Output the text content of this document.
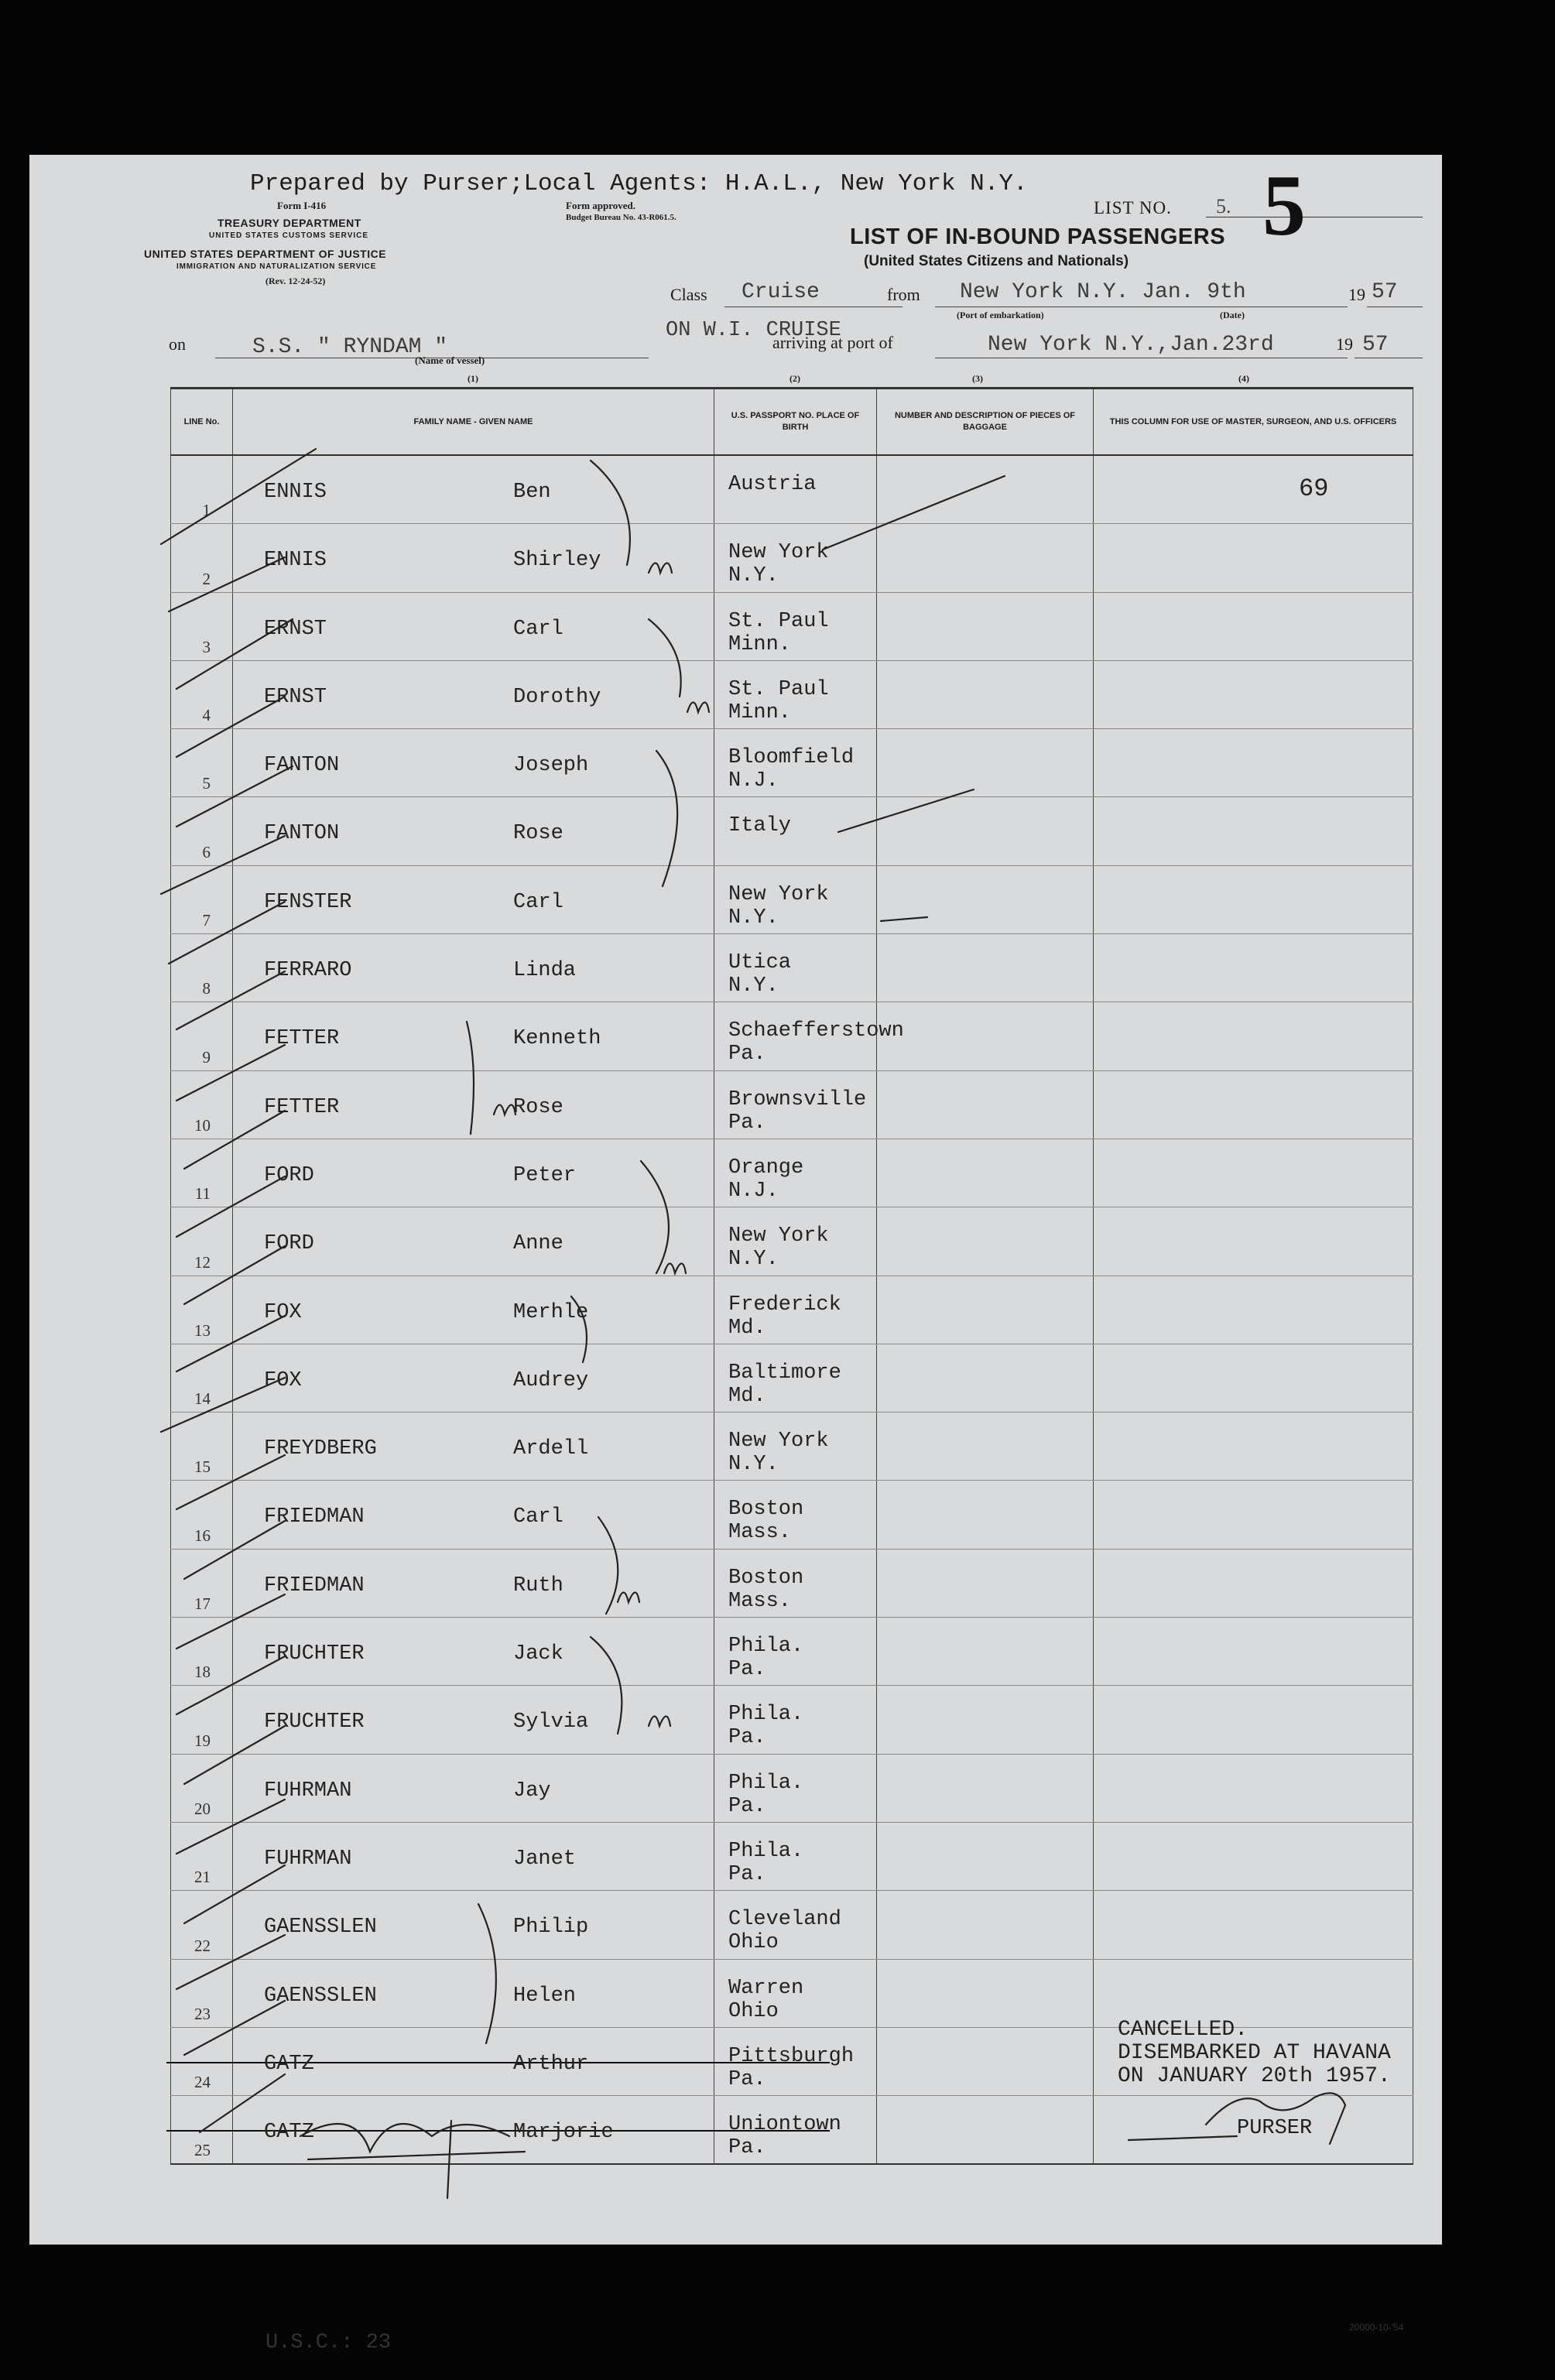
Prepared by Purser;Local Agents: H.A.L., New York N.Y.
Form I-416
TREASURY DEPARTMENT
UNITED STATES CUSTOMS SERVICE
UNITED STATES DEPARTMENT OF JUSTICE
IMMIGRATION AND NATURALIZATION SERVICE
(Rev. 12-24-52)
Form approved.
Budget Bureau No. 43-R061.5.	LIST NO. 5. 5
LIST OF IN-BOUND PASSENGERS
(United States Citizens and Nationals)
Class Cruise	from New York N.Y. Jan. 9th	19 57
(Port of embarkation)	(Date)
on	S.S. " RYNDAM "
(Name of vessel)
ON W.I. CRUISE
arriving at port of	New York N.Y.,Jan.23rd	19 57
(1)	(2)	(3)	(4)
LINE No.	FAMILY NAME - GIVEN NAME	U.S. PASSPORT NO. PLACE OF BIRTH	NUMBER AND DESCRIPTION OF PIECES OF BAGGAGE	THIS COLUMN FOR USE OF MASTER, SURGEON, AND U.S. OFFICERS

1	ENNIS Ben	Austria		69

2	ENNIS Shirley	New York
N.Y.		

3	ERNST Carl	St. Paul
Minn.		

4	ERNST Dorothy	St. Paul
Minn.		

5	FANTON Joseph	Bloomfield
N.J.		

6	FANTON Rose	Italy		

7	FENSTER Carl	New York
N.Y.		

8	FERRARO Linda	Utica
N.Y.		

9	FETTER Kenneth	Schaefferstown
Pa.		

10	FETTER Rose	Brownsville
Pa.		

11	FORD Peter	Orange
N.J.		

12	FORD Anne	New York
N.Y.		

13	FOX Merhle	Frederick
Md.		

14	FOX Audrey	Baltimore
Md.		

15	FREYDBERG Ardell	New York
N.Y.		

16	FRIEDMAN Carl	Boston
Mass.		

17	FRIEDMAN Ruth	Boston
Mass.		

18	FRUCHTER Jack	Phila.
Pa.		

19	FRUCHTER Sylvia	Phila.
Pa.		

20	FUHRMAN Jay	Phila.
Pa.		

21	FUHRMAN Janet	Phila.
Pa.		

22	GAENSSLEN Philip	Cleveland
Ohio		

23	GAENSSLEN Helen	Warren
Ohio		

24	GATZ Arthur	Pittsburgh
Pa.		

25	GATZ Marjorie	Uniontown
Pa.		

CANCELLED.
DISEMBARKED AT HAVANA
ON JANUARY 20th 1957.
PURSER
U.S.C.: 23
20000-10-'54
